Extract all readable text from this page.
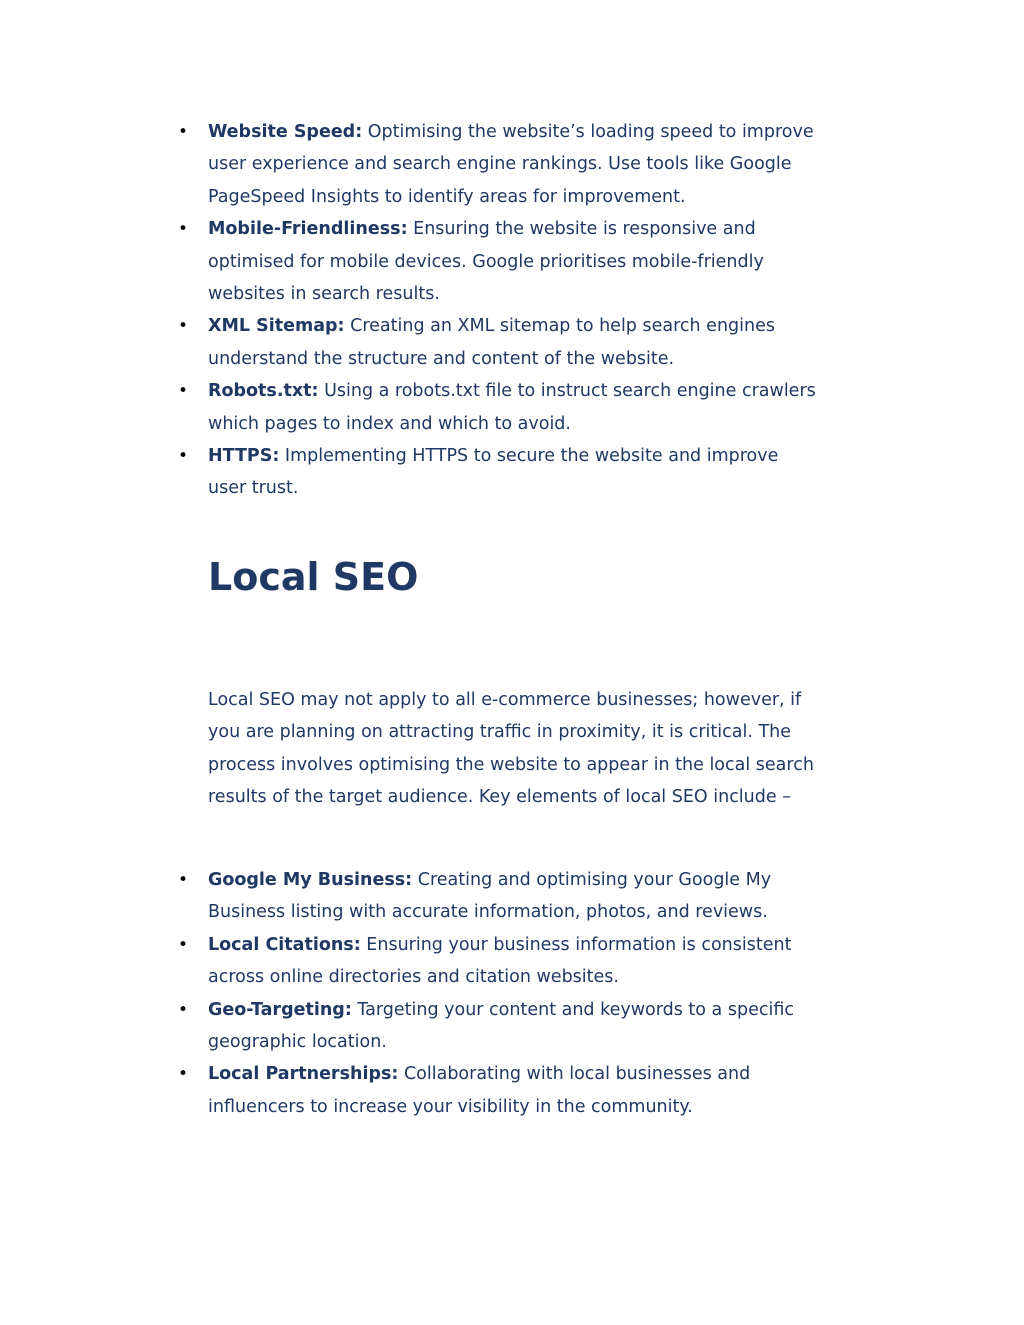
• Website Speed: Optimising the website’s loading speed to improve user experience and search engine rankings. Use tools like Google PageSpeed Insights to identify areas for improvement.
• Mobile-Friendliness: Ensuring the website is responsive and optimised for mobile devices. Google prioritises mobile-friendly websites in search results.
• XML Sitemap: Creating an XML sitemap to help search engines understand the structure and content of the website.
• Robots.txt: Using a robots.txt file to instruct search engine crawlers which pages to index and which to avoid.
• HTTPS: Implementing HTTPS to secure the website and improve user trust.
Local SEO

Local SEO may not apply to all e-commerce businesses; however, if you are planning on attracting traffic in proximity, it is critical. The process involves optimising the website to appear in the local search results of the target audience. Key elements of local SEO include –

• Google My Business: Creating and optimising your Google My Business listing with accurate information, photos, and reviews.
• Local Citations: Ensuring your business information is consistent across online directories and citation websites.
• Geo-Targeting: Targeting your content and keywords to a specific geographic location.
• Local Partnerships: Collaborating with local businesses and influencers to increase your visibility in the community.
